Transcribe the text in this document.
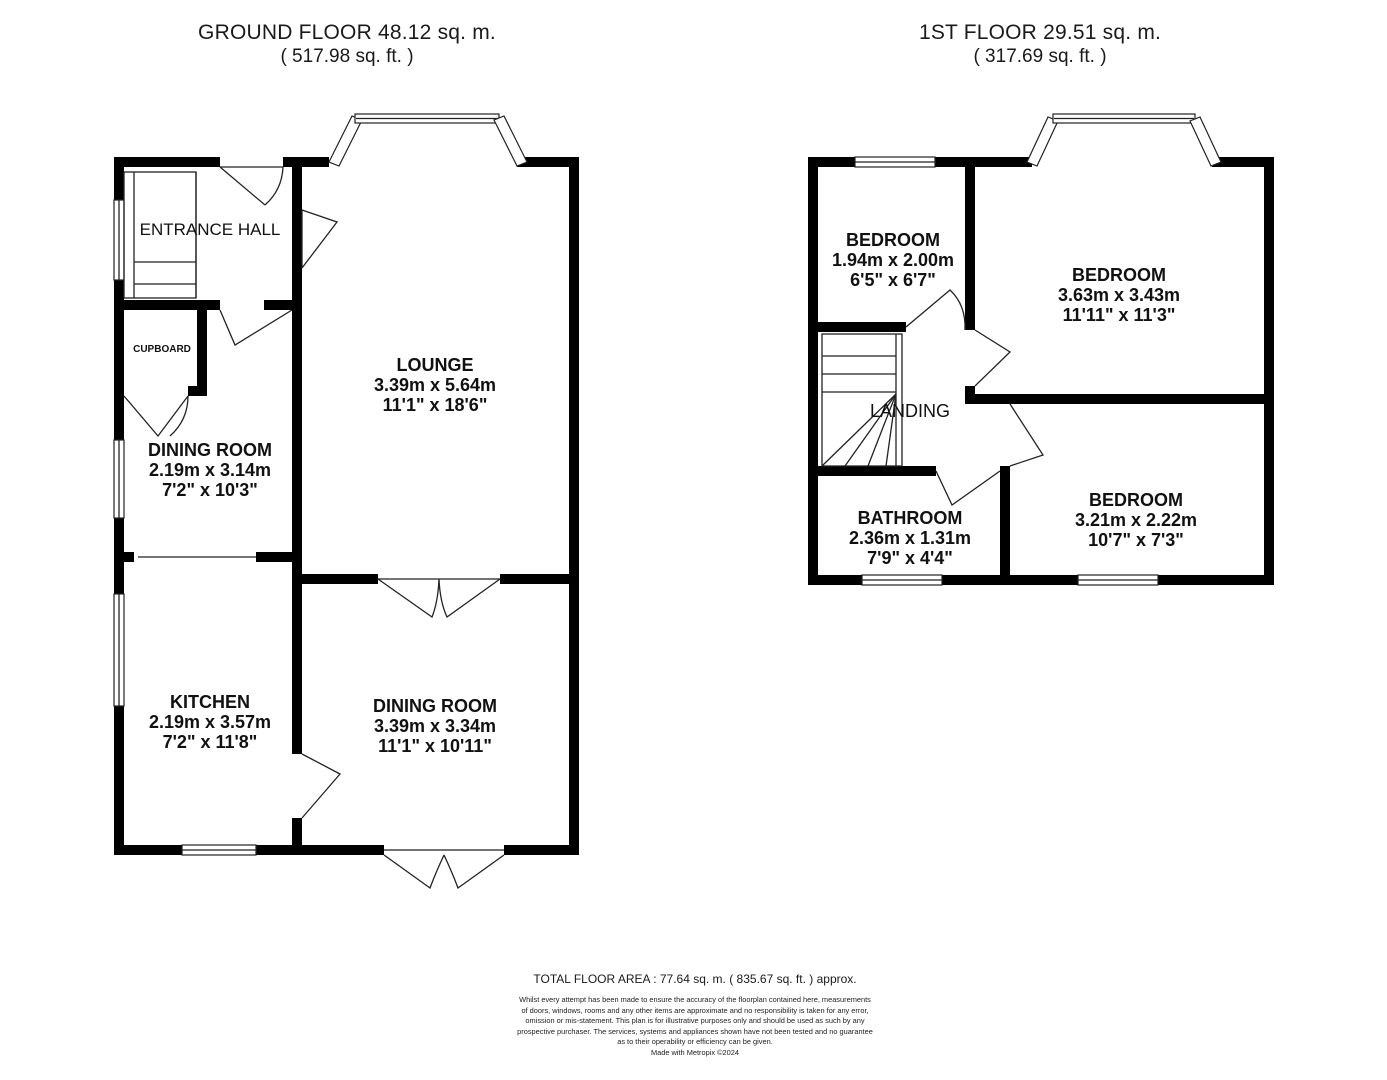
GROUND FLOOR 48.12 sq. m.
( 517.98 sq. ft. )
1ST FLOOR 29.51 sq. m.
( 317.69 sq. ft. )
ENTRANCE HALL
CUPBOARD
LOUNGE
3.39m x 5.64m
11'1" x 18'6"
DINING ROOM
2.19m x 3.14m
7'2" x 10'3"
KITCHEN
2.19m x 3.57m
7'2" x 11'8"
DINING ROOM
3.39m x 3.34m
11'1" x 10'11"
BEDROOM
1.94m x 2.00m
6'5" x 6'7"	BEDROOM
3.63m x 3.43m
11'11" x 11'3"
LANDING
BATHROOM
2.36m x 1.31m
7'9" x 4'4"
BEDROOM
3.21m x 2.22m
10'7" x 7'3"
TOTAL FLOOR AREA : 77.64 sq. m. ( 835.67 sq. ft. ) approx.
Whilst every attempt has been made to ensure the accuracy of the floorplan contained here, measurements
of doors, windows, rooms and any other items are approximate and no responsibility is taken for any error,
omission or mis-statement. This plan is for illustrative purposes only and should be used as such by any
prospective purchaser. The services, systems and appliances shown have not been tested and no guarantee
as to their operability or efficiency can be given.
Made with Metropix ©2024
